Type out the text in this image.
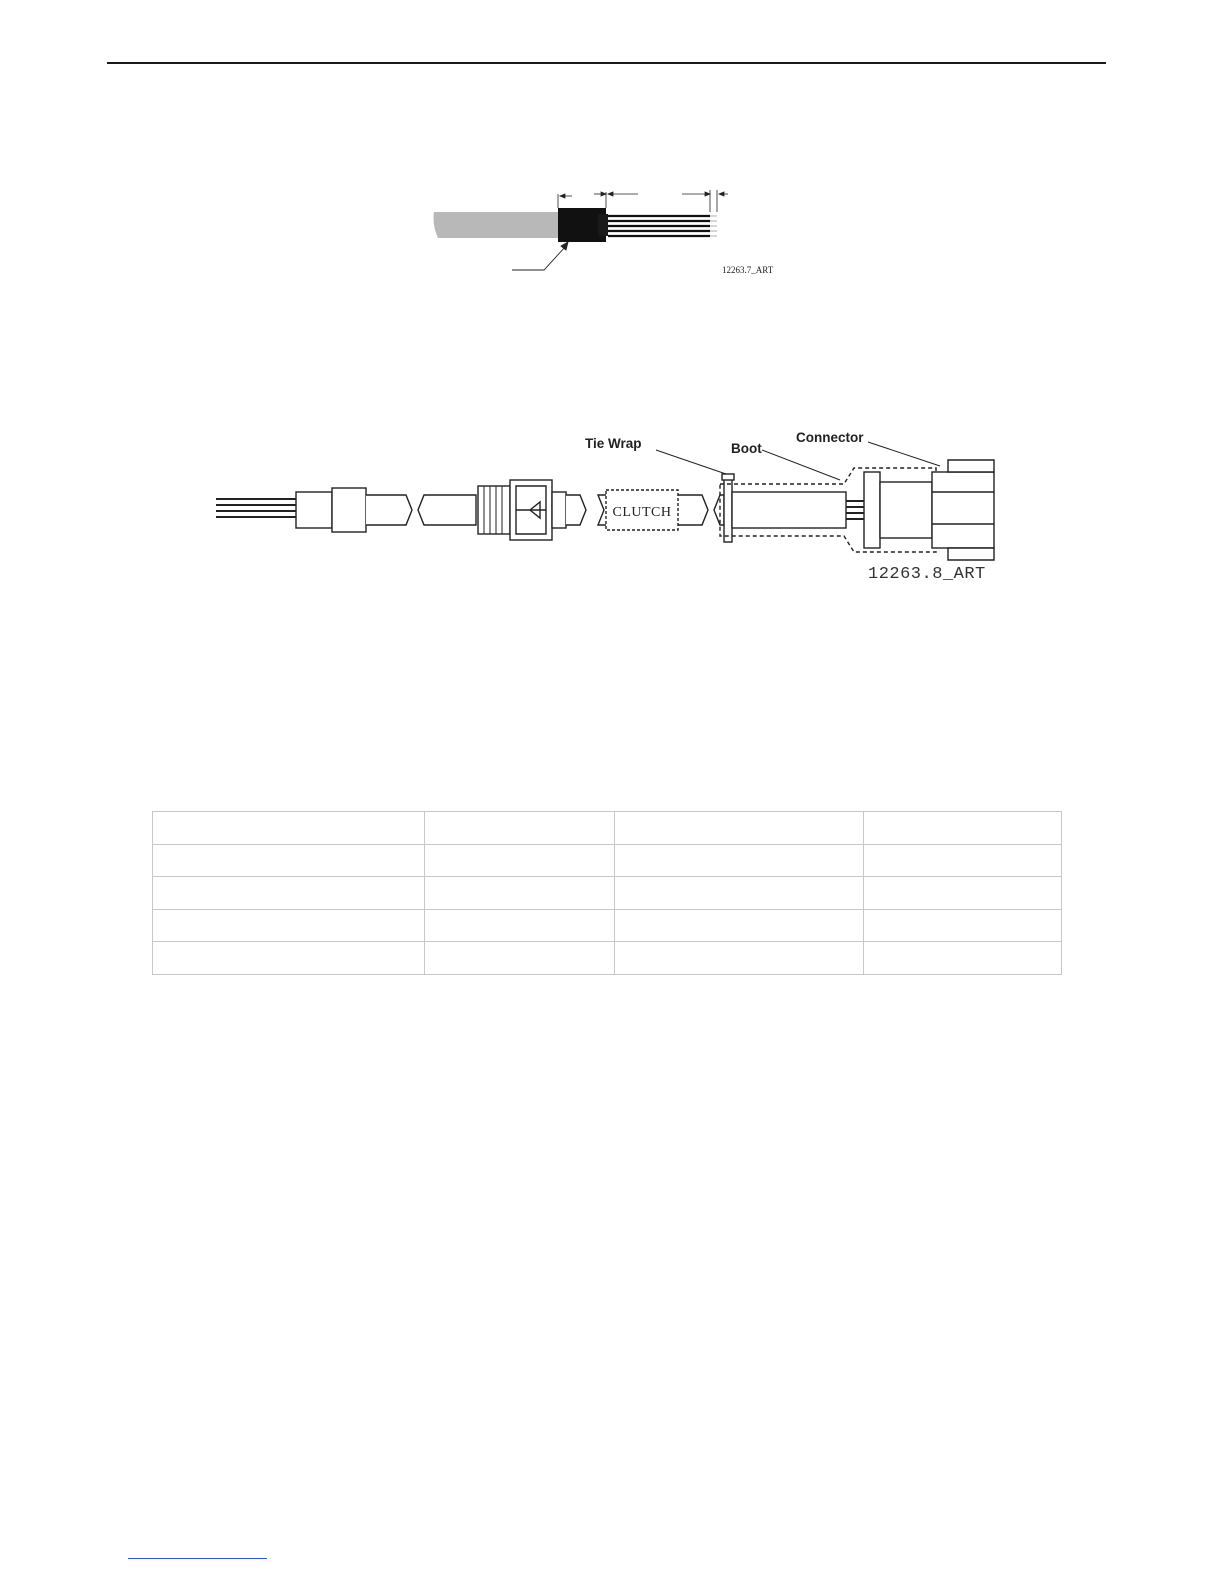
12263.7_ART
CLUTCH
Tie Wrap	Boot
Connector
12263.8_ART
